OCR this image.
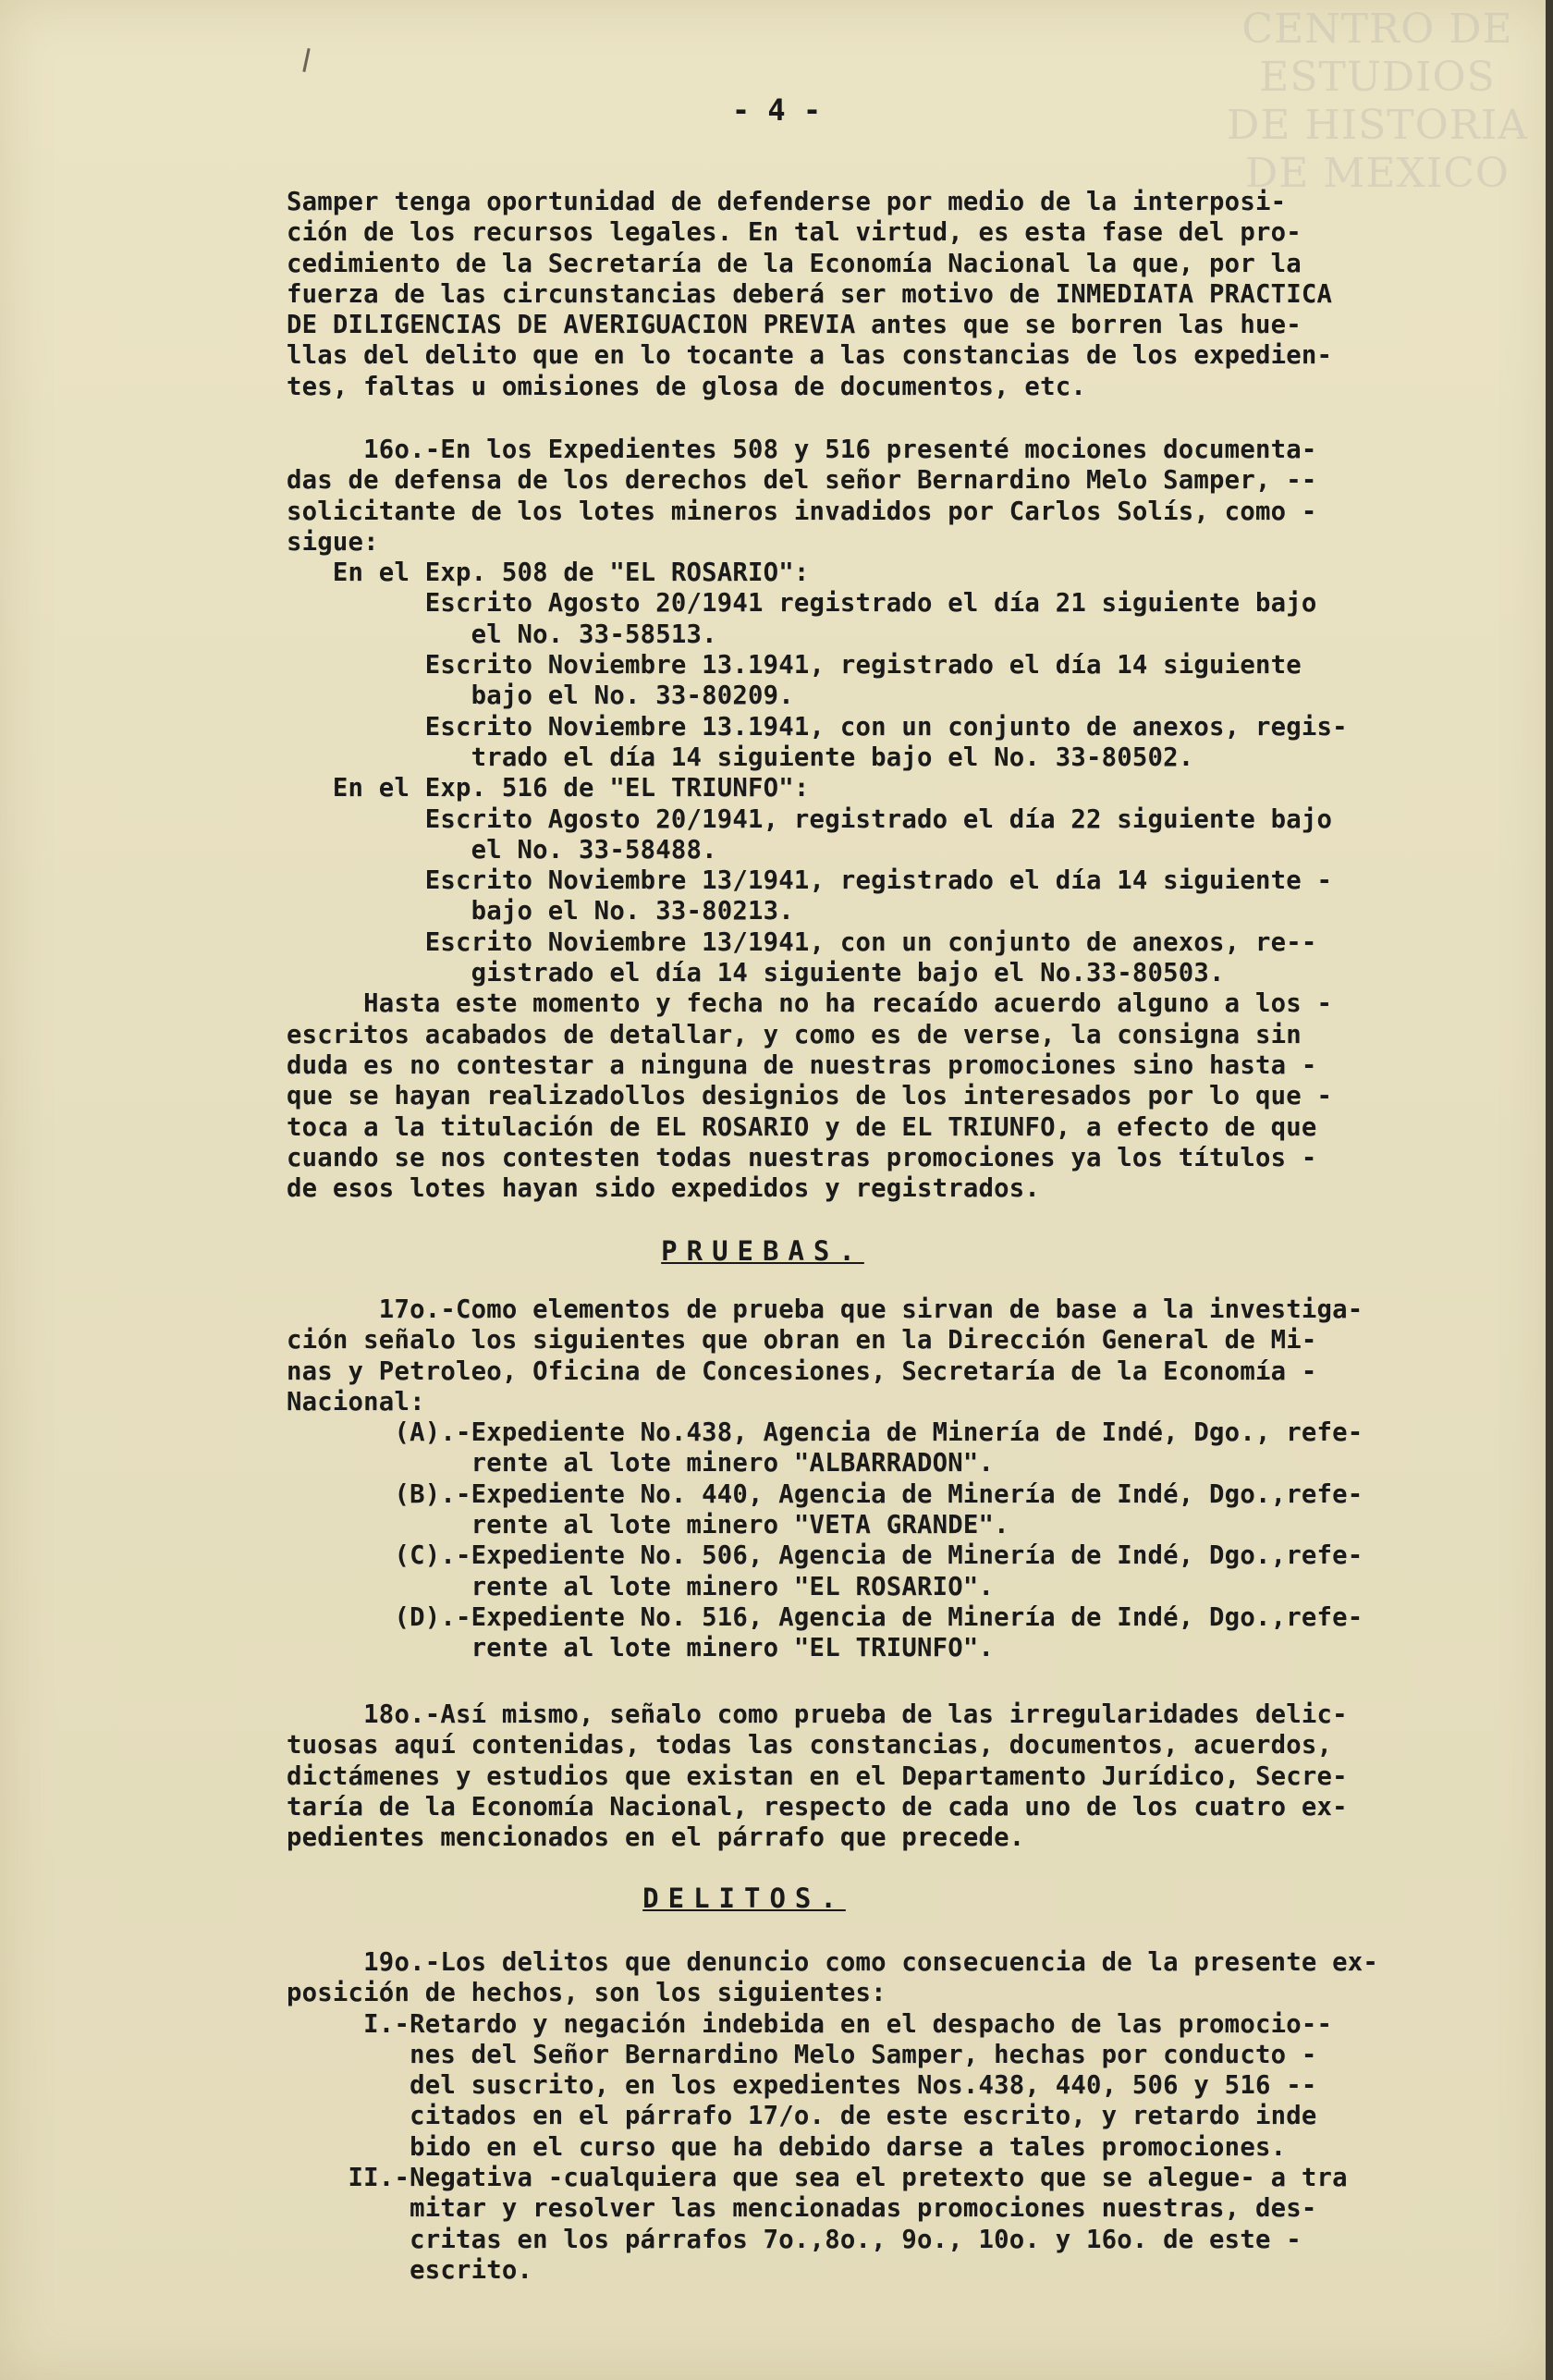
CENTRO DE
ESTUDIOS
DE HISTORIA
DE MEXICO
- 4 -
Samper tenga oportunidad de defenderse por medio de la interposi-
ción de los recursos legales. En tal virtud, es esta fase del pro-
cedimiento de la Secretaría de la Economía Nacional la que, por la
fuerza de las circunstancias deberá ser motivo de INMEDIATA PRACTICA
DE DILIGENCIAS DE AVERIGUACION PREVIA antes que se borren las hue-
llas del delito que en lo tocante a las constancias de los expedien-
tes, faltas u omisiones de glosa de documentos, etc.
16o.-En los Expedientes 508 y 516 presenté mociones documenta-
das de defensa de los derechos del señor Bernardino Melo Samper, --
solicitante de los lotes mineros invadidos por Carlos Solís, como -
sigue:
En el Exp. 508 de "EL ROSARIO":
Escrito Agosto 20/1941 registrado el día 21 siguiente bajo
el No. 33-58513.
Escrito Noviembre 13.1941, registrado el día 14 siguiente
bajo el No. 33-80209.
Escrito Noviembre 13.1941, con un conjunto de anexos, regis-
trado el día 14 siguiente bajo el No. 33-80502.
En el Exp. 516 de "EL TRIUNFO":
Escrito Agosto 20/1941, registrado el día 22 siguiente bajo
el No. 33-58488.
Escrito Noviembre 13/1941, registrado el día 14 siguiente -
bajo el No. 33-80213.
Escrito Noviembre 13/1941, con un conjunto de anexos, re--
gistrado el día 14 siguiente bajo el No.33-80503.
Hasta este momento y fecha no ha recaído acuerdo alguno a los -
escritos acabados de detallar, y como es de verse, la consigna sin
duda es no contestar a ninguna de nuestras promociones sino hasta -
que se hayan realizadollos designios de los interesados por lo que -
toca a la titulación de EL ROSARIO y de EL TRIUNFO, a efecto de que
cuando se nos contesten todas nuestras promociones ya los títulos -
de esos lotes hayan sido expedidos y registrados.
PRUEBAS.
17o.-Como elementos de prueba que sirvan de base a la investiga-
ción señalo los siguientes que obran en la Dirección General de Mi-
nas y Petroleo, Oficina de Concesiones, Secretaría de la Economía -
Nacional:
(A).-Expediente No.438, Agencia de Minería de Indé, Dgo., refe-
rente al lote minero "ALBARRADON".
(B).-Expediente No. 440, Agencia de Minería de Indé, Dgo.,refe-
rente al lote minero "VETA GRANDE".
(C).-Expediente No. 506, Agencia de Minería de Indé, Dgo.,refe-
rente al lote minero "EL ROSARIO".
(D).-Expediente No. 516, Agencia de Minería de Indé, Dgo.,refe-
rente al lote minero "EL TRIUNFO".
18o.-Así mismo, señalo como prueba de las irregularidades delic-
tuosas aquí contenidas, todas las constancias, documentos, acuerdos,
dictámenes y estudios que existan en el Departamento Jurídico, Secre-
taría de la Economía Nacional, respecto de cada uno de los cuatro ex-
pedientes mencionados en el párrafo que precede.
DELITOS.
19o.-Los delitos que denuncio como consecuencia de la presente ex-
posición de hechos, son los siguientes:
I.-Retardo y negación indebida en el despacho de las promocio--
nes del Señor Bernardino Melo Samper, hechas por conducto -
del suscrito, en los expedientes Nos.438, 440, 506 y 516 --
citados en el párrafo 17/o. de este escrito, y retardo inde
bido en el curso que ha debido darse a tales promociones.
II.-Negativa -cualquiera que sea el pretexto que se alegue- a tra
mitar y resolver las mencionadas promociones nuestras, des-
critas en los párrafos 7o.,8o., 9o., 10o. y 16o. de este -
escrito.
